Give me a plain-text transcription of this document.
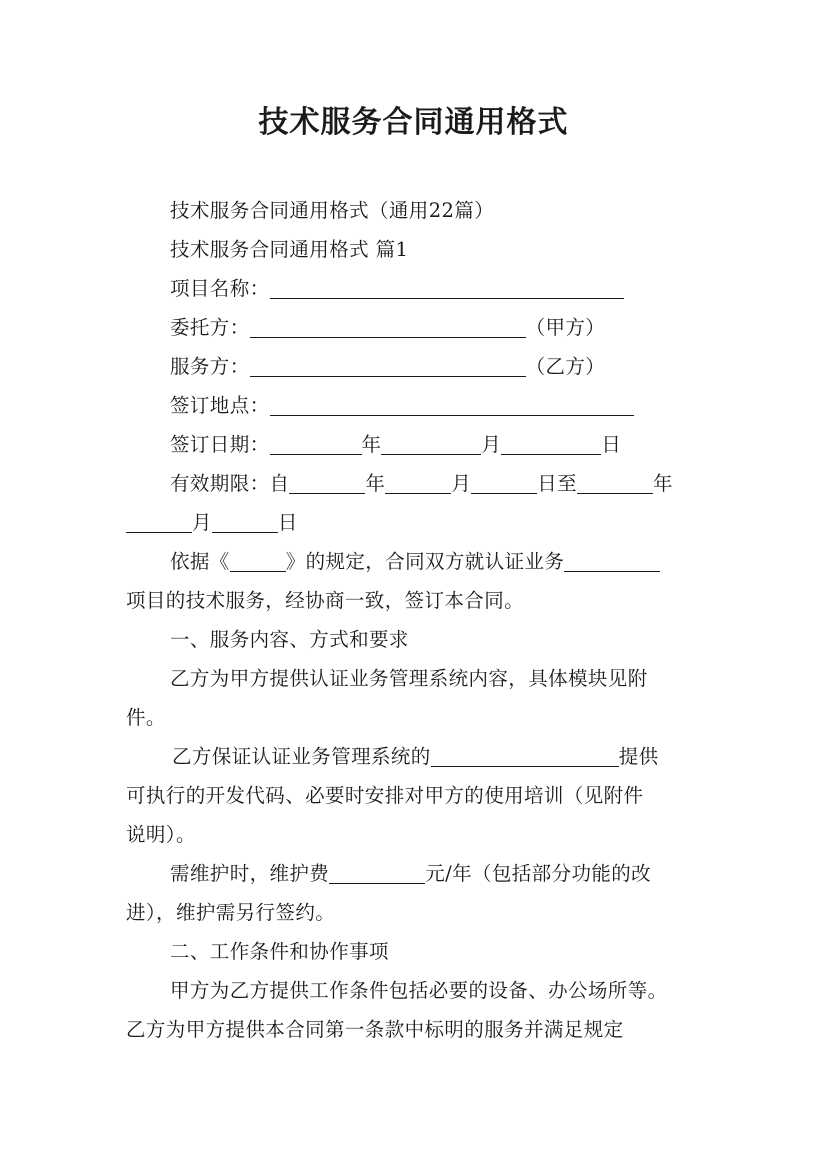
技术服务合同通用格式
技术服务合同通用格式（通用22篇）
技术服务合同通用格式 篇1
项目名称：
委托方：	（甲方）
服务方：	（乙方）
签订地点：
签订日期：	年	月	日
有效期限：自	年	月	日至	年
月	日
依据《	》的规定，合同双方就认证业务
项目的技术服务，经协商一致，签订本合同。
一、服务内容、方式和要求
乙方为甲方提供认证业务管理系统内容，具体模块见附
件。
乙方保证认证业务管理系统的	提供
可执行的开发代码、必要时安排对甲方的使用培训（见附件
说明）。
需维护时，维护费	元/年（包括部分功能的改
进），维护需另行签约。
二、工作条件和协作事项
甲方为乙方提供工作条件包括必要的设备、办公场所等。
乙方为甲方提供本合同第一条款中标明的服务并满足规定
